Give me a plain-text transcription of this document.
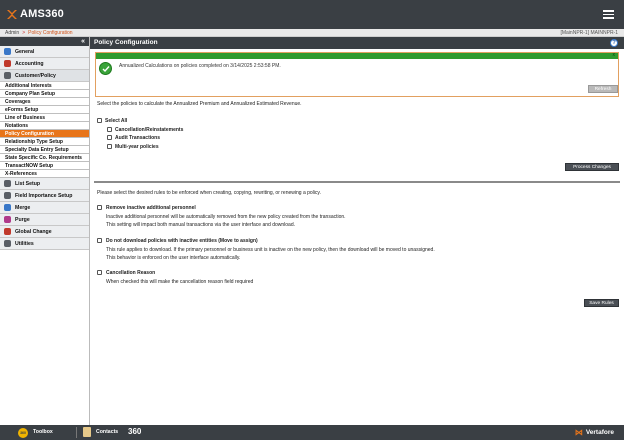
AMS360
Admin > Policy Configuration	[MainNPR-1] MAINNPR-1
«
General
Accounting
Customer/Policy
Additional Interests
Company Plan Setup
Coverages
eForms Setup
Line of Business
Notations
Policy Configuration
Relationship Type Setup
Specialty Data Entry Setup
State Specific Co. Requirements
TransactNOW Setup
X-References
List Setup
Field Importance Setup
Merge
Purge
Global Change
Utilities
Policy Configuration	?
x
Annualized Calculations on policies completed on 3/14/2025 2:53:58 PM.
Refresh
Select the policies to calculate the Annualized Premium and Annualized Estimated Revenue.
Select All
Cancellation/Reinstatements
Audit Transactions
Multi-year policies
Process Changes
Please select the desired rules to be enforced when creating, copying, rewriting, or renewing a policy.
Remove inactive additional personnel
Inactive additional personnel will be automatically removed from the new policy created from the transaction.
This setting will impact both manual transactions via the user interface and download.
Do not download policies with inactive entities (Move to assign)
This rule applies to download. If the primary personnel or business unit is inactive on the new policy, then the download will be moved to unassigned.
This behavior is enforced on the user interface automatically.
Cancellation Reason
When checked this will make the cancellation reason field required
Save Rules
360	Toolbox	Contacts 360	⋈ Vertafore
